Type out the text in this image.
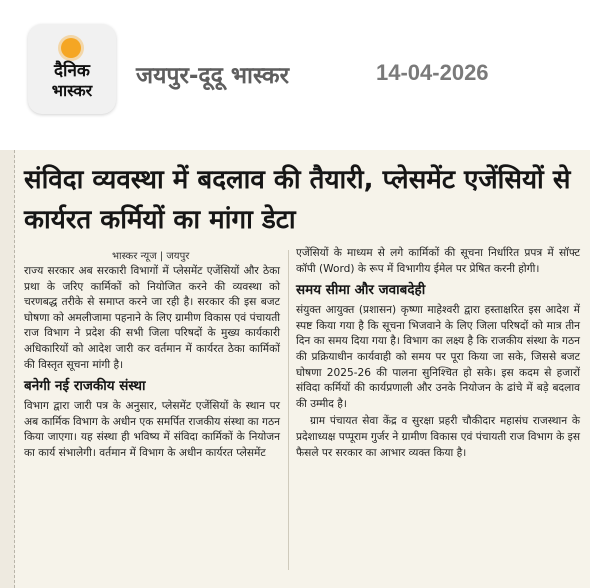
दैनिक
भास्कर
जयपुर-दूदू भास्कर	14-04-2026
संविदा व्यवस्था में बदलाव की तैयारी, प्लेसमेंट एजेंसियों से कार्यरत कर्मियों का मांगा डेटा
भास्कर न्यूज | जयपुर

राज्य सरकार अब सरकारी विभागों में प्लेसमेंट एजेंसियों और ठेका प्रथा के जरिए कार्मिकों को नियोजित करने की व्यवस्था को चरणबद्ध तरीके से समाप्त करने जा रही है। सरकार की इस बजट घोषणा को अमलीजामा पहनाने के लिए ग्रामीण विकास एवं पंचायती राज विभाग ने प्रदेश की सभी जिला परिषदों के मुख्य कार्यकारी अधिकारियों को आदेश जारी कर वर्तमान में कार्यरत ठेका कार्मिकों की विस्तृत सूचना मांगी है।

बनेगी नई राजकीय संस्था

विभाग द्वारा जारी पत्र के अनुसार, प्लेसमेंट एजेंसियों के स्थान पर अब कार्मिक विभाग के अधीन एक समर्पित राजकीय संस्था का गठन किया जाएगा। यह संस्था ही भविष्य में संविदा कार्मिकों के नियोजन का कार्य संभालेगी। वर्तमान में विभाग के अधीन कार्यरत प्लेसमेंट

एजेंसियों के माध्यम से लगे कार्मिकों की सूचना निर्धारित प्रपत्र में सॉफ्ट कॉपी (Word) के रूप में विभागीय ईमेल पर प्रेषित करनी होगी।

समय सीमा और जवाबदेही

संयुक्त आयुक्त (प्रशासन) कृष्णा माहेश्वरी द्वारा हस्ताक्षरित इस आदेश में स्पष्ट किया गया है कि सूचना भिजवाने के लिए जिला परिषदों को मात्र तीन दिन का समय दिया गया है। विभाग का लक्ष्य है कि राजकीय संस्था के गठन की प्रक्रियाधीन कार्यवाही को समय पर पूरा किया जा सके, जिससे बजट घोषणा 2025-26 की पालना सुनिश्चित हो सके। इस कदम से हजारों संविदा कर्मियों की कार्यप्रणाली और उनके नियोजन के ढांचे में बड़े बदलाव की उम्मीद है।

ग्राम पंचायत सेवा केंद्र व सुरक्षा प्रहरी चौकीदार महासंघ राजस्थान के प्रदेशाध्यक्ष पप्पूराम गुर्जर ने ग्रामीण विकास एवं पंचायती राज विभाग के इस फैसले पर सरकार का आभार व्यक्त किया है।
